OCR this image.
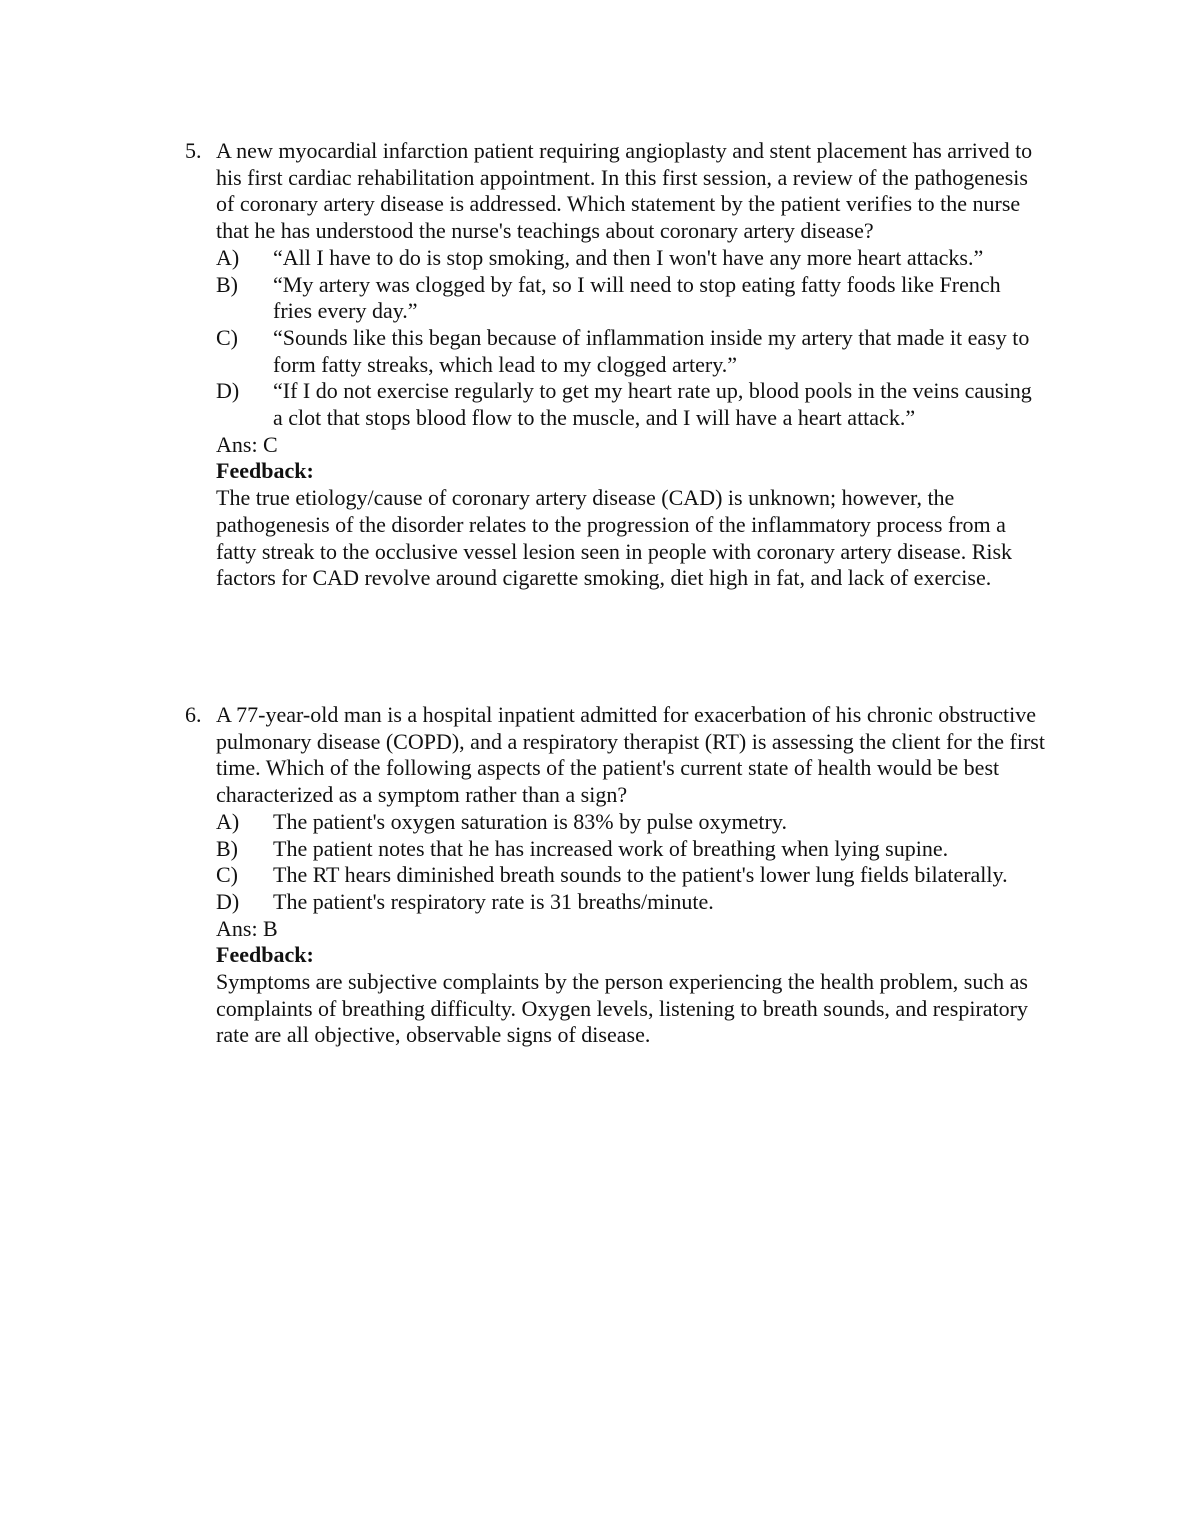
5. A new myocardial infarction patient requiring angioplasty and stent placement has arrived to his first cardiac rehabilitation appointment. In this first session, a review of the pathogenesis of coronary artery disease is addressed. Which statement by the patient verifies to the nurse that he has understood the nurse's teachings about coronary artery disease?
A)	“All I have to do is stop smoking, and then I won't have any more heart attacks.”
B)	“My artery was clogged by fat, so I will need to stop eating fatty foods like French fries every day.”
C)	“Sounds like this began because of inflammation inside my artery that made it easy to form fatty streaks, which lead to my clogged artery.”
D)	“If I do not exercise regularly to get my heart rate up, blood pools in the veins causing a clot that stops blood flow to the muscle, and I will have a heart attack.”
Ans: C
Feedback:
The true etiology/cause of coronary artery disease (CAD) is unknown; however, the pathogenesis of the disorder relates to the progression of the inflammatory process from a fatty streak to the occlusive vessel lesion seen in people with coronary artery disease. Risk factors for CAD revolve around cigarette smoking, diet high in fat, and lack of exercise.
6. A 77-year-old man is a hospital inpatient admitted for exacerbation of his chronic obstructive pulmonary disease (COPD), and a respiratory therapist (RT) is assessing the client for the first time. Which of the following aspects of the patient's current state of health would be best characterized as a symptom rather than a sign?
A)	The patient's oxygen saturation is 83% by pulse oxymetry.
B)	The patient notes that he has increased work of breathing when lying supine.
C)	The RT hears diminished breath sounds to the patient's lower lung fields bilaterally.
D)	The patient's respiratory rate is 31 breaths/minute.
Ans: B
Feedback:
Symptoms are subjective complaints by the person experiencing the health problem, such as complaints of breathing difficulty. Oxygen levels, listening to breath sounds, and respiratory rate are all objective, observable signs of disease.
